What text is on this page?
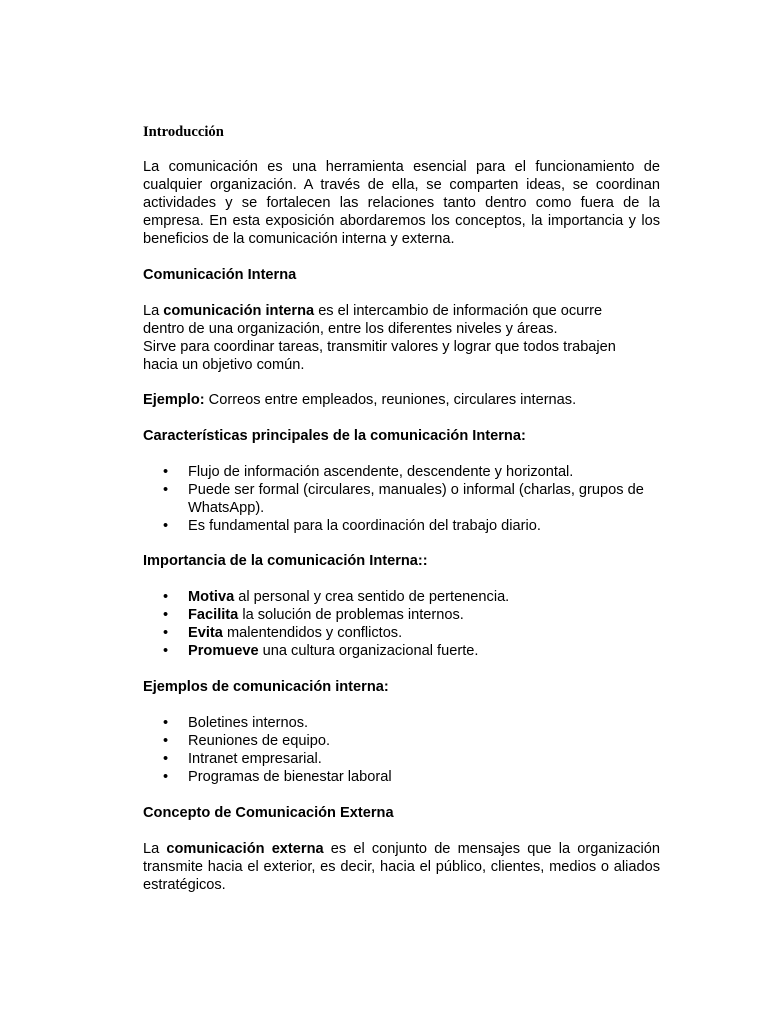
Introducción
La comunicación es una herramienta esencial para el funcionamiento de cualquier organización. A través de ella, se comparten ideas, se coordinan actividades y se fortalecen las relaciones tanto dentro como fuera de la empresa. En esta exposición abordaremos los conceptos, la importancia y los beneficios de la comunicación interna y externa.
Comunicación Interna
La comunicación interna es el intercambio de información que ocurre
dentro de una organización, entre los diferentes niveles y áreas.
Sirve para coordinar tareas, transmitir valores y lograr que todos trabajen
hacia un objetivo común.
Ejemplo: Correos entre empleados, reuniones, circulares internas.
Características principales de la comunicación Interna:
• Flujo de información ascendente, descendente y horizontal.
• Puede ser formal (circulares, manuales) o informal (charlas, grupos de WhatsApp).
• Es fundamental para la coordinación del trabajo diario.
Importancia de la comunicación Interna::
• Motiva al personal y crea sentido de pertenencia.
• Facilita la solución de problemas internos.
• Evita malentendidos y conflictos.
• Promueve una cultura organizacional fuerte.
Ejemplos de comunicación interna:
• Boletines internos.
• Reuniones de equipo.
• Intranet empresarial.
• Programas de bienestar laboral
Concepto de Comunicación Externa
La comunicación externa es el conjunto de mensajes que la organización transmite hacia el exterior, es decir, hacia el público, clientes, medios o aliados estratégicos.
